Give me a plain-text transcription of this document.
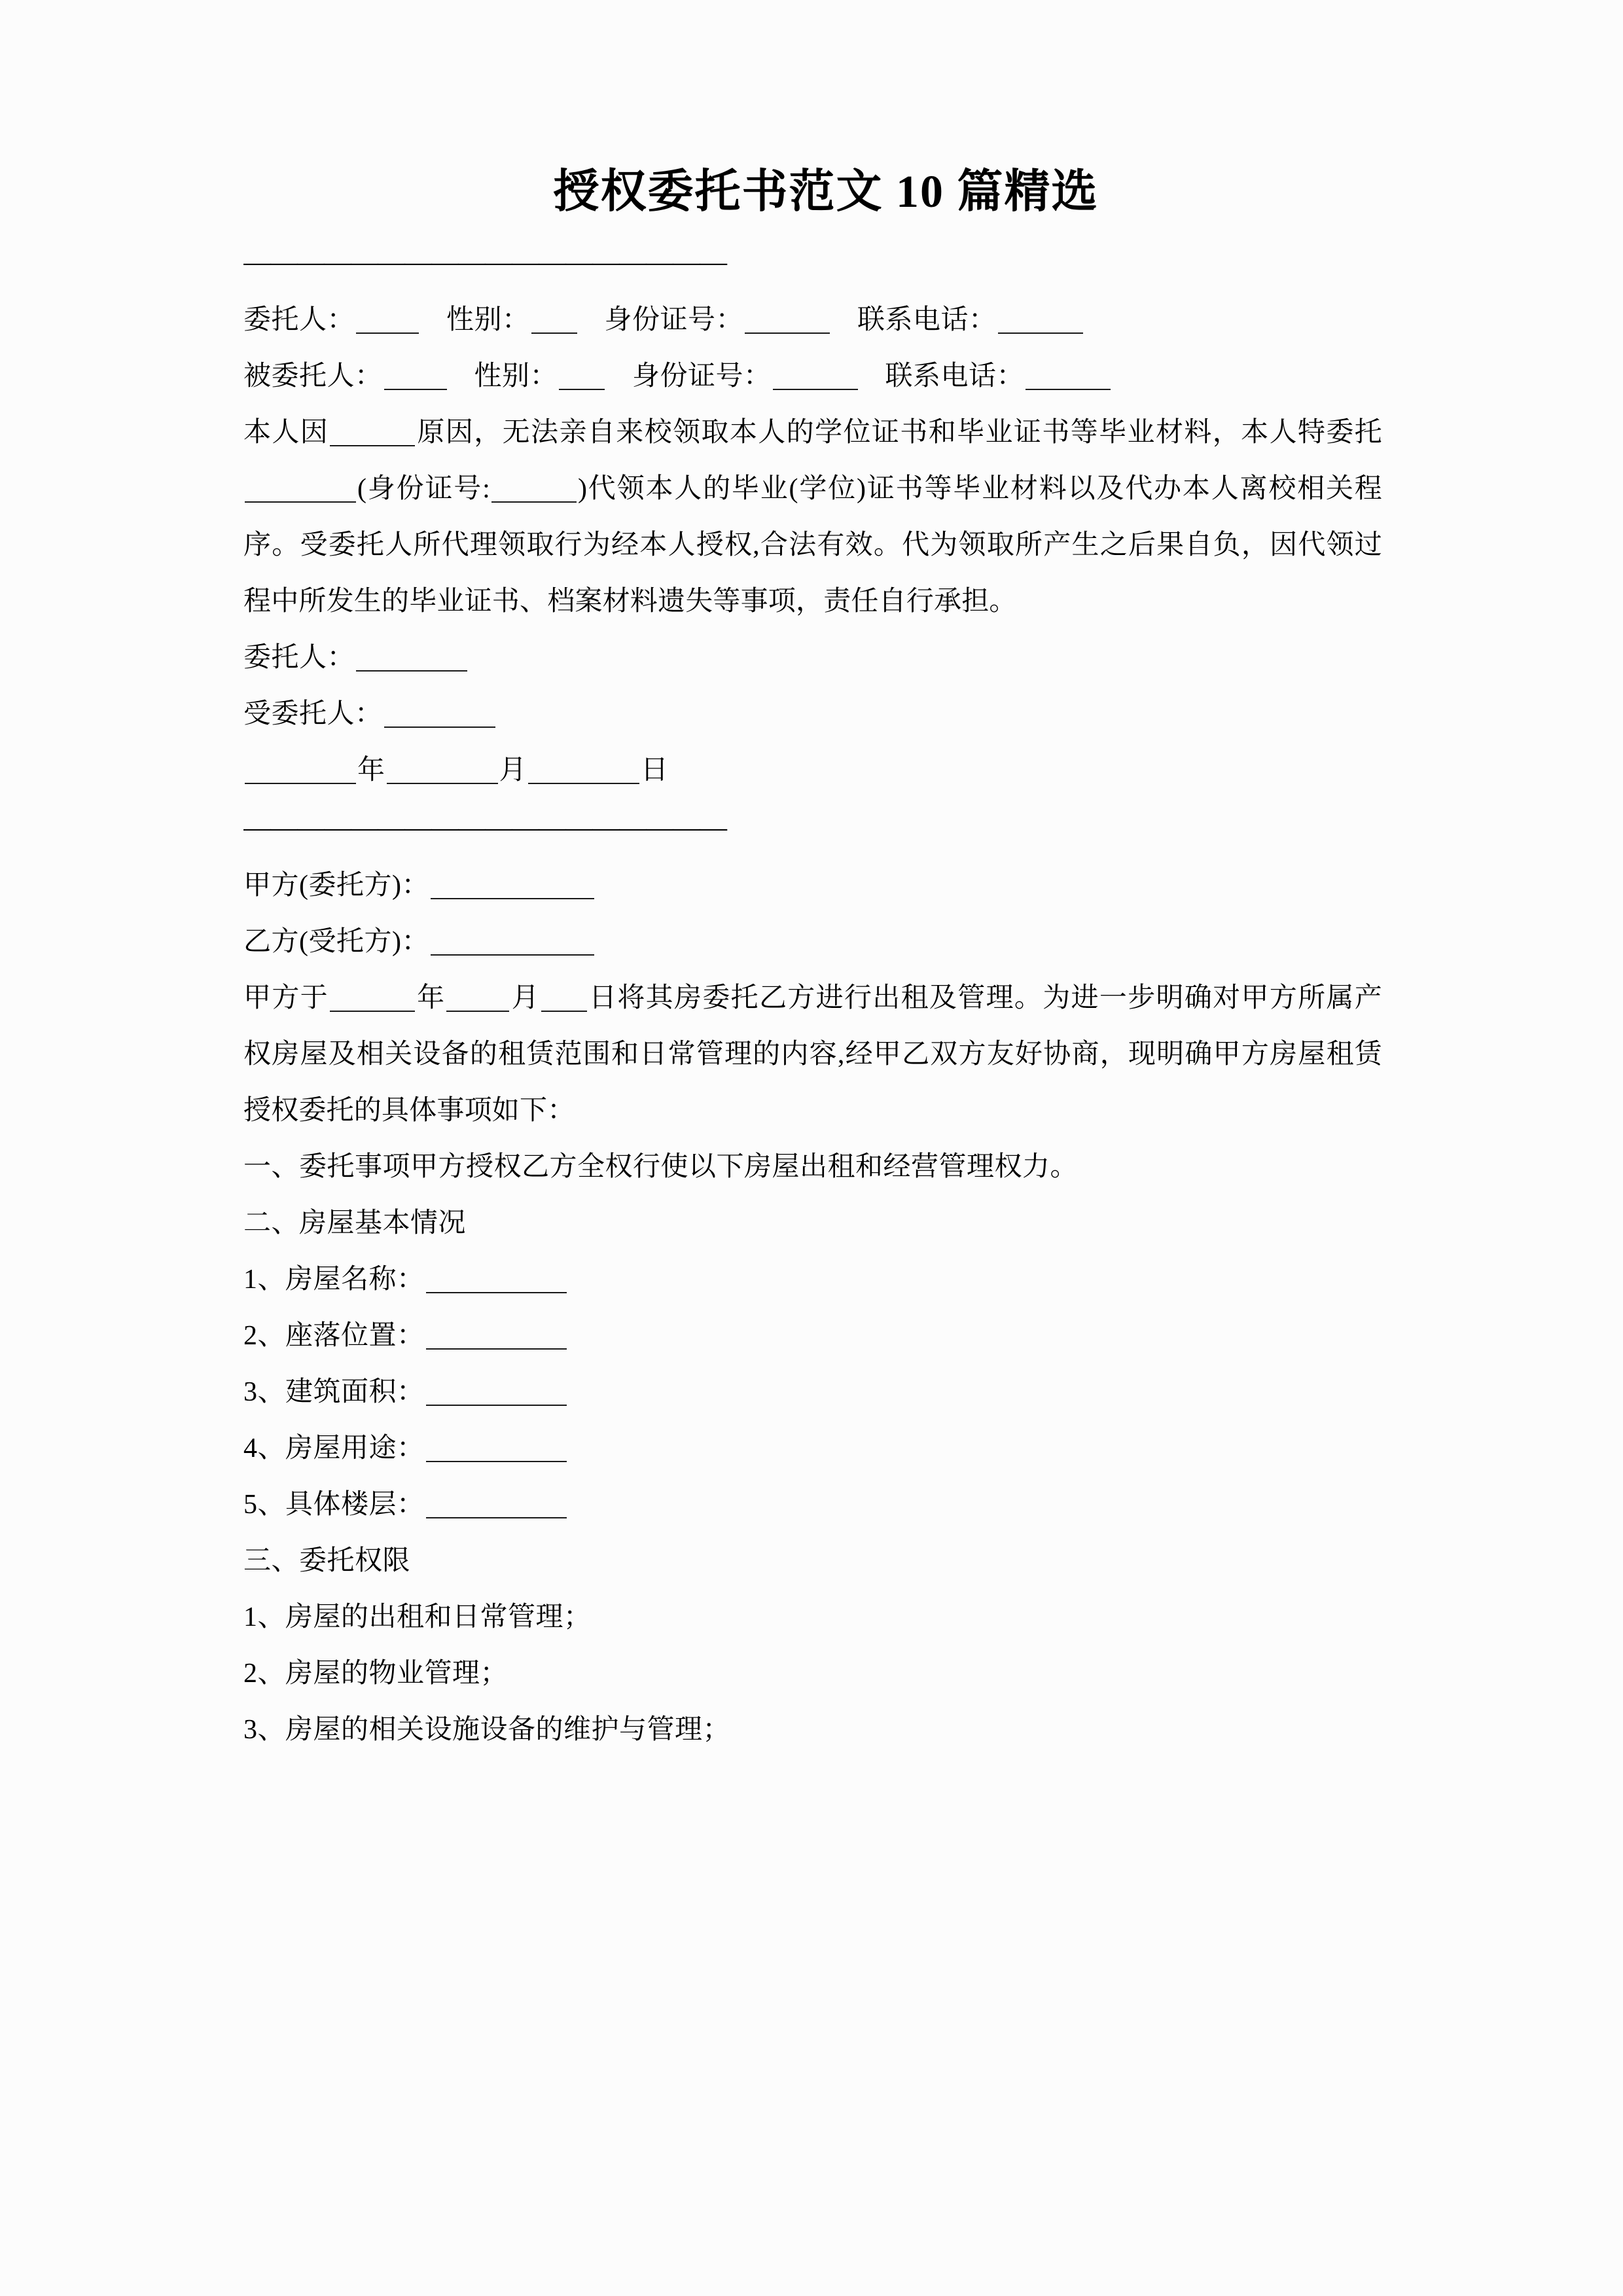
授权委托书范文 10 篇精选
——————————————————
委托人：	性别：	身份证号：	联系电话：
被委托人：	性别：	身份证号：	联系电话：
本人因	原因，无法亲自来校领取本人的学位证书和毕业证书等毕业材料，本人特委托(身份证号:	)代领本人的毕业(学位)证书等毕业材料以及代办本人离校相关程序。受委托人所代理领取行为经本人授权,合法有效。代为领取所产生之后果自负，因代领过程中所发生的毕业证书、档案材料遗失等事项，责任自行承担。
委托人：
受委托人：
年	月	日
——————————————————
甲方(委托方)：
乙方(受托方)：
甲方于	年 月 日将其房委托乙方进行出租及管理。为进一步明确对甲方所属产权房屋及相关设备的租赁范围和日常管理的内容,经甲乙双方友好协商，现明确甲方房屋租赁授权委托的具体事项如下：
一、委托事项甲方授权乙方全权行使以下房屋出租和经营管理权力。
二、房屋基本情况
1、房屋名称：
2、座落位置：
3、建筑面积：
4、房屋用途：
5、具体楼层：
三、委托权限
1、房屋的出租和日常管理；
2、房屋的物业管理；
3、房屋的相关设施设备的维护与管理；
